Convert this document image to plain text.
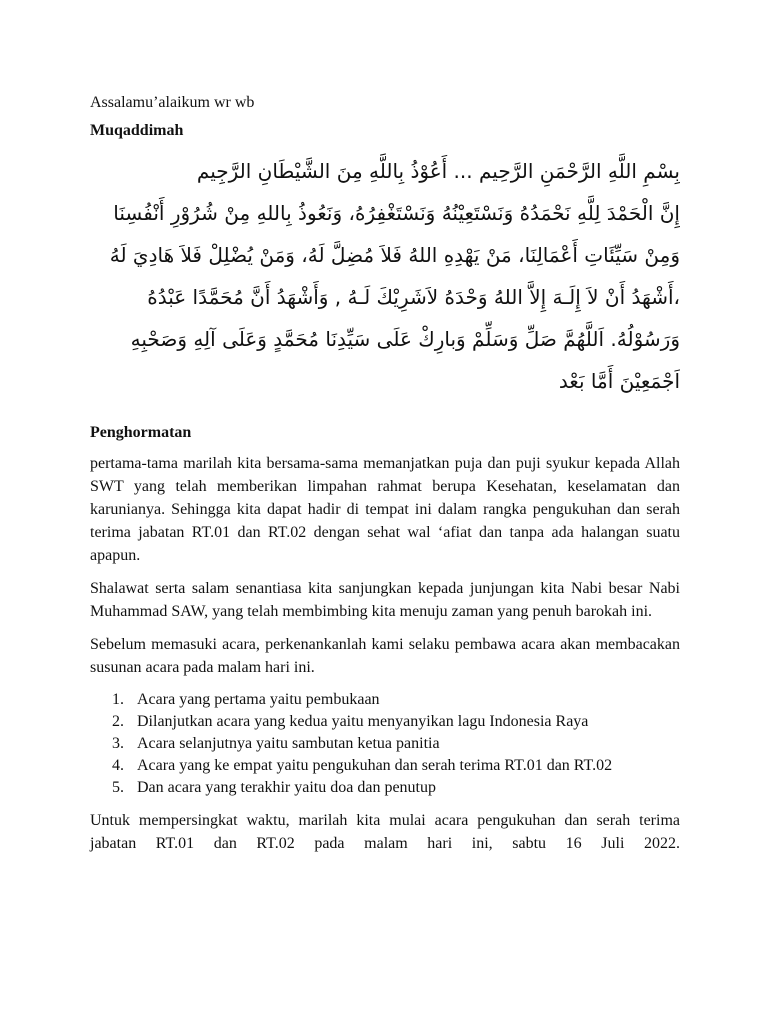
Assalamu’alaikum wr wb

Muqaddimah

بِسْمِ اللَّهِ الرَّحْمَنِ الرَّحِيم ... أَعُوْذُ بِاللَّهِ مِنَ الشَّيْطَانِ الرَّجِيم
إِنَّ الْحَمْدَ لِلَّهِ نَحْمَدُهُ وَنَسْتَعِيْنُهُ وَنَسْتَغْفِرُهُ، وَنَعُوذُ بِاللهِ مِنْ شُرُوْرِ أَنْفُسِنَا
وَمِنْ سَيِّئَاتِ أَعْمَالِنَا، مَنْ يَهْدِهِ اللهُ فَلاَ مُضِلَّ لَهُ، وَمَنْ يُضْلِلْ فَلاَ هَادِيَ لَهُ
،أَشْهَدُ أَنْ لاَ إِلَـهَ إِلاَّ اللهُ وَحْدَهُ لاَشَرِيْكَ لَـهُ , وَأَشْهَدُ أَنَّ مُحَمَّدًا عَبْدُهُ
وَرَسُوْلُهُ. اَللَّهُمَّ صَلِّ وَسَلِّمْ وَبارِكْ عَلَى سَيِّدِنَا مُحَمَّدٍ وَعَلَى آلِهِ وَصَحْبِهِ
اَجْمَعِيْنَ أَمَّا بَعْد

Penghormatan

pertama-tama marilah kita bersama-sama memanjatkan puja dan puji syukur kepada Allah SWT yang telah memberikan limpahan rahmat berupa Kesehatan, keselamatan dan karunianya. Sehingga kita dapat hadir di tempat ini dalam rangka pengukuhan dan serah terima jabatan RT.01 dan RT.02 dengan sehat wal ‘afiat dan tanpa ada halangan suatu apapun.

Shalawat serta salam senantiasa kita sanjungkan kepada junjungan kita Nabi besar Nabi Muhammad SAW, yang telah membimbing kita menuju zaman yang penuh barokah ini.

Sebelum memasuki acara, perkenankanlah kami selaku pembawa acara akan membacakan susunan acara pada malam hari ini.

1. Acara yang pertama yaitu pembukaan
2. Dilanjutkan acara yang kedua yaitu menyanyikan lagu Indonesia Raya
3. Acara selanjutnya yaitu sambutan ketua panitia
4. Acara yang ke empat yaitu pengukuhan dan serah terima RT.01 dan RT.02
5. Dan acara yang terakhir yaitu doa dan penutup

Untuk mempersingkat waktu, marilah kita mulai acara pengukuhan dan serah terima jabatan RT.01 dan RT.02 pada malam hari ini, sabtu 16 Juli 2022.
